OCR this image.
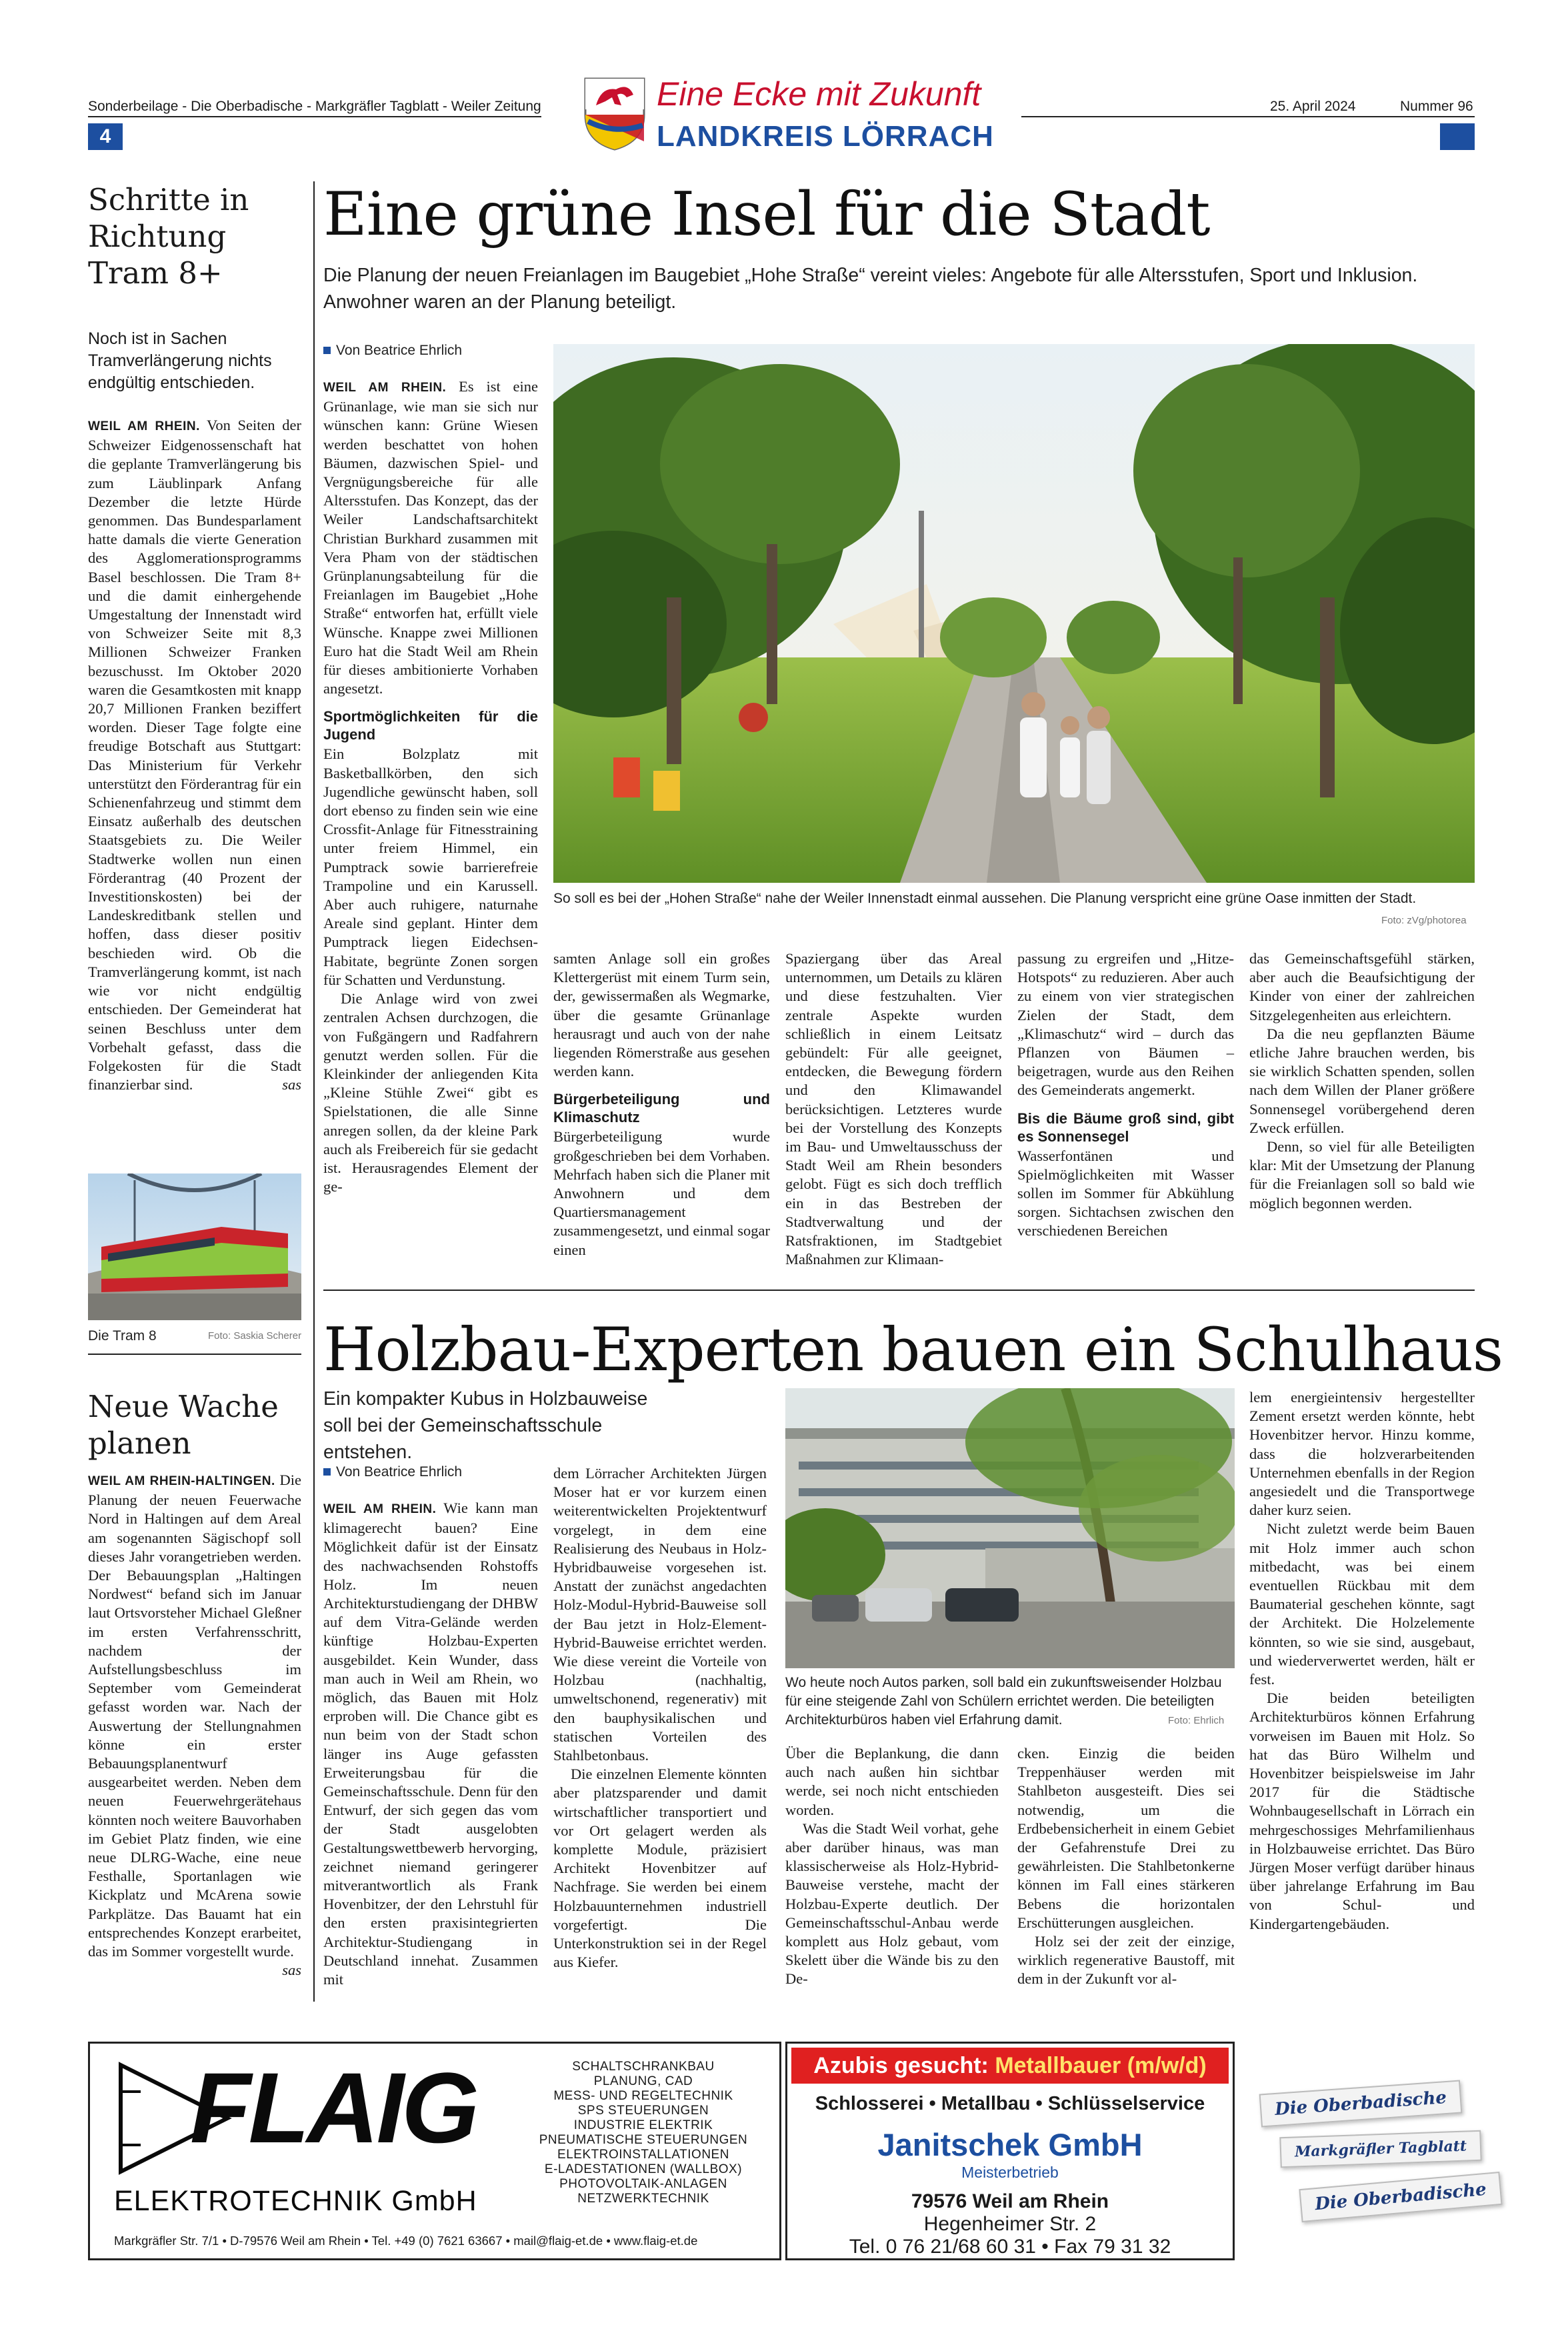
Sonderbeilage - Die Oberbadische - Markgräfler Tagblatt - Weiler Zeitung
4
Eine Ecke mit Zukunft
LANDKREIS LÖRRACH
25. April 2024	Nummer 96
Schritte in Richtung Tram 8+
Noch ist in Sachen Tramverlängerung nichts endgültig entschieden.

WEIL AM RHEIN. Von Seiten der Schweizer Eidgenossenschaft hat die geplante Tramverlängerung bis zum Läublinpark Anfang Dezember die letzte Hürde genommen. Das Bundesparlament hatte damals die vierte Generation des Agglomerationsprogramms Basel beschlossen. Die Tram 8+ und die damit einhergehende Umgestaltung der Innenstadt wird von Schweizer Seite mit 8,3 Millionen Schweizer Franken bezuschusst. Im Oktober 2020 waren die Gesamtkosten mit knapp 20,7 Millionen Franken beziffert worden. Dieser Tage folgte eine freudige Botschaft aus Stuttgart: Das Ministerium für Verkehr unterstützt den Förderantrag für ein Schienenfahrzeug und stimmt dem Einsatz außerhalb des deutschen Staatsgebiets zu. Die Weiler Stadtwerke wollen nun einen Förderantrag (40 Prozent der Investitionskosten) bei der Landeskreditbank stellen und hoffen, dass dieser positiv beschieden wird. Ob die Tramverlängerung kommt, ist nach wie vor nicht endgültig entschieden. Der Gemeinderat hat seinen Beschluss unter dem Vorbehalt gefasst, dass die Folgekosten für die Stadt finanzierbar sind.	sas

Die Tram 8	Foto: Saskia Scherer
Neue Wache planen

WEIL AM RHEIN-HALTINGEN. Die Planung der neuen Feuerwache Nord in Haltingen auf dem Areal am sogenannten Sägischopf soll dieses Jahr vorangetrieben werden. Der Bebauungsplan „Haltingen Nordwest“ befand sich im Januar laut Ortsvorsteher Michael Gleßner im ersten Verfahrensschritt, nachdem der Aufstellungsbeschluss im September vom Gemeinderat gefasst worden war. Nach der Auswertung der Stellungnahmen könne ein erster Bebauungsplanentwurf ausgearbeitet werden. Neben dem neuen Feuerwehrgerätehaus könnten noch weitere Bauvorhaben im Gebiet Platz finden, wie eine neue DLRG-Wache, eine neue Festhalle, Sportanlagen wie Kickplatz und McArena sowie Parkplätze. Das Bauamt hat ein entsprechendes Konzept erarbeitet, das im Sommer vorgestellt wurde.
sas

Eine grüne Insel für die Stadt
Die Planung der neuen Freianlagen im Baugebiet „Hohe Straße“ vereint vieles: Angebote für alle Altersstufen, Sport und Inklusion. Anwohner waren an der Planung beteiligt.
Von Beatrice Ehrlich

WEIL AM RHEIN. Es ist eine Grünanlage, wie man sie sich nur wünschen kann: Grüne Wiesen werden beschattet von hohen Bäumen, dazwischen Spiel- und Vergnügungsbereiche für alle Altersstufen. Das Konzept, das der Weiler Landschaftsarchitekt Christian Burkhard zusammen mit Vera Pham von der städtischen Grünplanungsabteilung für die Freianlagen im Baugebiet „Hohe Straße“ entworfen hat, erfüllt viele Wünsche. Knappe zwei Millionen Euro hat die Stadt Weil am Rhein für dieses ambitionierte Vorhaben angesetzt.

Sportmöglichkeiten für die Jugend

Ein Bolzplatz mit Basketballkörben, den sich Jugendliche gewünscht haben, soll dort ebenso zu finden sein wie eine Crossfit-Anlage für Fitnesstraining unter freiem Himmel, ein Pumptrack sowie barrierefreie Trampoline und ein Karussell. Aber auch ruhigere, naturnahe Areale sind geplant. Hinter dem Pumptrack liegen Eidechsen-Habitate, begrünte Zonen sorgen für Schatten und Verdunstung.

Die Anlage wird von zwei zentralen Achsen durchzogen, die von Fußgängern und Radfahrern genutzt werden sollen. Für die Kleinkinder der anliegenden Kita „Kleine Stühle Zwei“ gibt es Spielstationen, die alle Sinne anregen sollen, da der kleine Park auch als Freibereich für sie gedacht ist. Herausragendes Element der ge-

So soll es bei der „Hohen Straße“ nahe der Weiler Innenstadt einmal aussehen. Die Planung verspricht eine grüne Oase inmitten der Stadt.
Foto: zVg/photorea

samten Anlage soll ein großes Klettergerüst mit einem Turm sein, der, gewissermaßen als Wegmarke, über die gesamte Grünanlage herausragt und auch von der nahe liegenden Römerstraße aus gesehen werden kann.

Bürgerbeteiligung und Klimaschutz

Bürgerbeteiligung wurde großgeschrieben bei dem Vorhaben. Mehrfach haben sich die Planer mit Anwohnern und dem Quartiersmanagement zusammengesetzt, und einmal sogar einen

Spaziergang über das Areal unternommen, um Details zu klären und diese festzuhalten. Vier zentrale Aspekte wurden schließlich in einem Leitsatz gebündelt: Für alle geeignet, entdecken, die Bewegung fördern und den Klimawandel berücksichtigen. Letzteres wurde bei der Vorstellung des Konzepts im Bau- und Umweltausschuss der Stadt Weil am Rhein besonders gelobt. Fügt es sich doch trefflich ein in das Bestreben der Stadtverwaltung und der Ratsfraktionen, im Stadtgebiet Maßnahmen zur Klimaan-

passung zu ergreifen und „Hitze-Hotspots“ zu reduzieren. Aber auch zu einem von vier strategischen Zielen der Stadt, dem „Klimaschutz“ wird – durch das Pflanzen von Bäumen – beigetragen, wurde aus den Reihen des Gemeinderats angemerkt.

Bis die Bäume groß sind, gibt es Sonnensegel

Wasserfontänen und Spielmöglichkeiten mit Wasser sollen im Sommer für Abkühlung sorgen. Sichtachsen zwischen den verschiedenen Bereichen

das Gemeinschaftsgefühl stärken, aber auch die Beaufsichtigung der Kinder von einer der zahlreichen Sitzgelegenheiten aus erleichtern.

Da die neu gepflanzten Bäume etliche Jahre brauchen werden, bis sie wirklich Schatten spenden, sollen nach dem Willen der Planer größere Sonnensegel vorübergehend deren Zweck erfüllen.

Denn, so viel für alle Beteiligten klar: Mit der Umsetzung der Planung für die Freianlagen soll so bald wie möglich begonnen werden.

Holzbau-Experten bauen ein Schulhaus
Ein kompakter Kubus in Holzbauweise soll bei der Gemeinschaftsschule entstehen.
Von Beatrice Ehrlich

WEIL AM RHEIN. Wie kann man klimagerecht bauen? Eine Möglichkeit dafür ist der Einsatz des nachwachsenden Rohstoffs Holz. Im neuen Architekturstudiengang der DHBW auf dem Vitra-Gelände werden künftige Holzbau-Experten ausgebildet. Kein Wunder, dass man auch in Weil am Rhein, wo möglich, das Bauen mit Holz erproben will. Die Chance gibt es nun beim von der Stadt schon länger ins Auge gefassten Erweiterungsbau für die Gemeinschaftsschule. Denn für den Entwurf, der sich gegen das vom der Stadt ausgelobten Gestaltungswettbewerb hervorging, zeichnet niemand geringerer mitverantwortlich als Frank Hovenbitzer, der den Lehrstuhl für den ersten praxisintegrierten Architektur-Studiengang in Deutschland innehat. Zusammen mit

dem Lörracher Architekten Jürgen Moser hat er vor kurzem einen weiterentwickelten Projektentwurf vorgelegt, in dem eine Realisierung des Neubaus in Holz-Hybridbauweise vorgesehen ist. Anstatt der zunächst angedachten Holz-Modul-Hybrid-Bauweise soll der Bau jetzt in Holz-Element-Hybrid-Bauweise errichtet werden. Wie diese vereint die Vorteile von Holzbau (nachhaltig, umweltschonend, regenerativ) mit den bauphysikalischen und statischen Vorteilen des Stahlbetonbaus.

Die einzelnen Elemente könnten aber platzsparender und damit wirtschaftlicher transportiert und vor Ort gelagert werden als komplette Module, präzisiert Architekt Hovenbitzer auf Nachfrage. Sie werden bei einem Holzbauunternehmen industriell vorgefertigt. Die Unterkonstruktion sei in der Regel aus Kiefer.

Wo heute noch Autos parken, soll bald ein zukunftsweisender Holzbau für eine steigende Zahl von Schülern errichtet werden. Die beteiligten Architekturbüros haben viel Erfahrung damit.	Foto: Ehrlich

Über die Beplankung, die dann auch nach außen hin sichtbar werde, sei noch nicht entschieden worden.

Was die Stadt Weil vorhat, gehe aber darüber hinaus, was man klassischerweise als Holz-Hybrid-Bauweise verstehe, macht der Holzbau-Experte deutlich. Der Gemeinschaftsschul-Anbau werde komplett aus Holz gebaut, vom Skelett über die Wände bis zu den De-

cken. Einzig die beiden Treppenhäuser werden mit Stahlbeton ausgesteift. Dies sei notwendig, um die Erdbebensicherheit in einem Gebiet der Gefahrenstufe Drei zu gewährleisten. Die Stahlbetonkerne können im Fall eines stärkeren Bebens die horizontalen Erschütterungen ausgleichen.

Holz sei der zeit der einzige, wirklich regenerative Baustoff, mit dem in der Zukunft vor al-

lem energieintensiv hergestellter Zement ersetzt werden könnte, hebt Hovenbitzer hervor. Hinzu komme, dass die holzverarbeitenden Unternehmen ebenfalls in der Region angesiedelt und die Transportwege daher kurz seien.

Nicht zuletzt werde beim Bauen mit Holz immer auch schon mitbedacht, was bei einem eventuellen Rückbau mit dem Baumaterial geschehen könnte, sagt der Architekt. Die Holzelemente könnten, so wie sie sind, ausgebaut, und wiederverwertet werden, hält er fest.

Die beiden beteiligten Architekturbüros können Erfahrung vorweisen im Bauen mit Holz. So hat das Büro Wilhelm und Hovenbitzer beispielsweise im Jahr 2017 für die Städtische Wohnbaugesellschaft in Lörrach ein mehrgeschossiges Mehrfamilienhaus in Holzbauweise errichtet. Das Büro Jürgen Moser verfügt darüber hinaus über jahrelange Erfahrung im Bau von Schul- und Kindergartengebäuden.

FLAIG
ELEKTROTECHNIK GmbH
SCHALTSCHRANKBAU
PLANUNG, CAD
MESS- UND REGELTECHNIK
SPS STEUERUNGEN
INDUSTRIE ELEKTRIK
PNEUMATISCHE STEUERUNGEN
ELEKTROINSTALLATIONEN
E-LADESTATIONEN (WALLBOX)
PHOTOVOLTAIK-ANLAGEN
NETZWERKTECHNIK
Markgräfler Str. 7/1 • D-79576 Weil am Rhein • Tel. +49 (0) 7621 63667 • mail@flaig-et.de • www.flaig-et.de
Azubis gesucht: Metallbauer (m/w/d)
Schlosserei • Metallbau • Schlüsselservice
Janitschek GmbH
Meisterbetrieb
79576 Weil am Rhein
Hegenheimer Str. 2
Tel. 0 76 21/68 60 31 • Fax 79 31 32
Die Oberbadische
Markgräfler Tagblatt
Die Oberbadische
